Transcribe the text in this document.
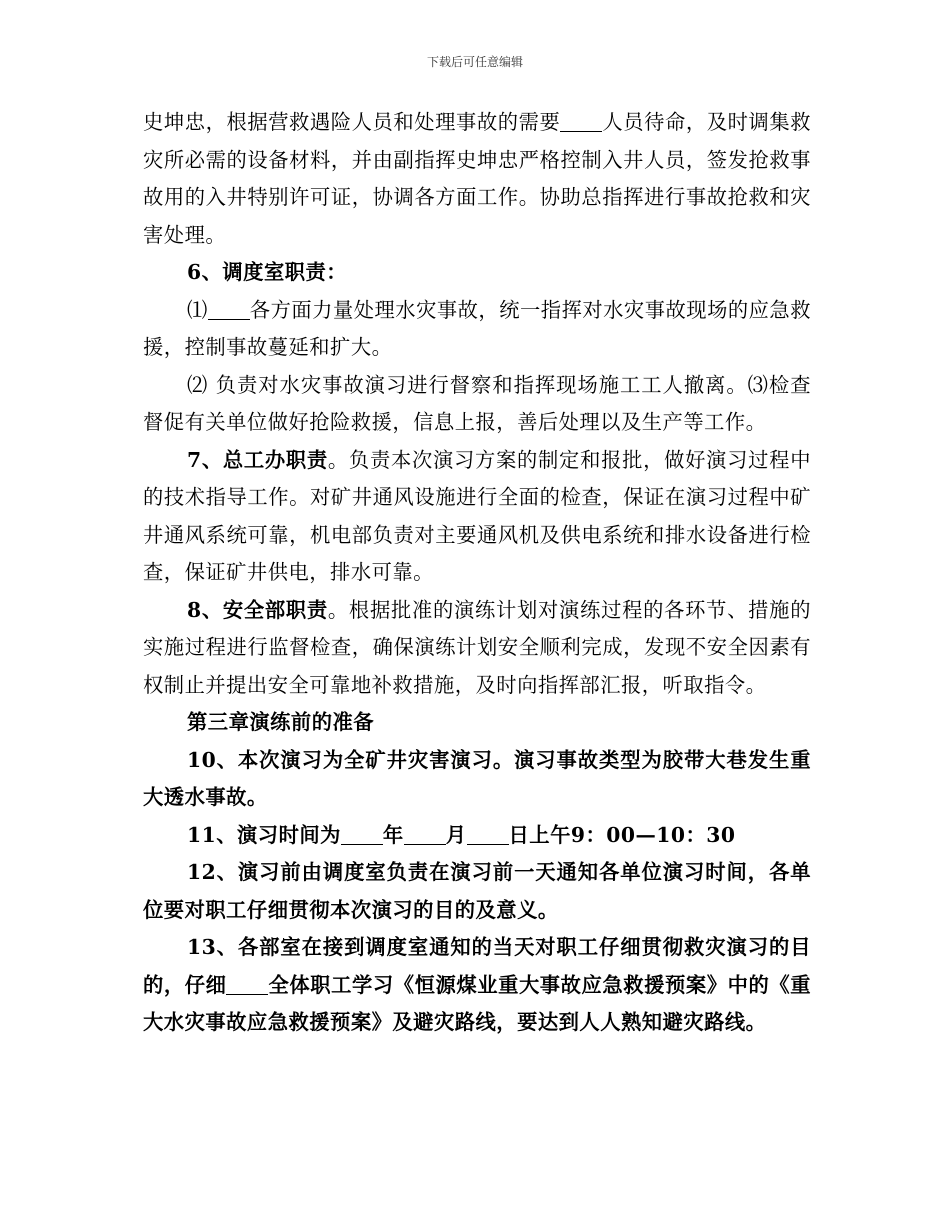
下载后可任意编辑

史坤忠，根据营救遇险人员和处理事故的需要 人员待命，及时调集救灾所必需的设备材料，并由副指挥史坤忠严格控制入井人员，签发抢救事故用的入井特别许可证，协调各方面工作。协助总指挥进行事故抢救和灾害处理。

6、调度室职责：

⑴ 各方面力量处理水灾事故，统一指挥对水灾事故现场的应急救援，控制事故蔓延和扩大。

⑵ 负责对水灾事故演习进行督察和指挥现场施工工人撤离。⑶检查督促有关单位做好抢险救援，信息上报，善后处理以及生产等工作。

7、总工办职责。负责本次演习方案的制定和报批，做好演习过程中的技术指导工作。对矿井通风设施进行全面的检查，保证在演习过程中矿井通风系统可靠，机电部负责对主要通风机及供电系统和排水设备进行检查，保证矿井供电，排水可靠。

8、安全部职责。根据批准的演练计划对演练过程的各环节、措施的实施过程进行监督检查，确保演练计划安全顺利完成，发现不安全因素有权制止并提出安全可靠地补救措施，及时向指挥部汇报，听取指令。

第三章演练前的准备

10、本次演习为全矿井灾害演习。演习事故类型为胶带大巷发生重大透水事故。

11、演习时间为 年 月 日上午9：00—10：30

12、演习前由调度室负责在演习前一天通知各单位演习时间，各单位要对职工仔细贯彻本次演习的目的及意义。

13、各部室在接到调度室通知的当天对职工仔细贯彻救灾演习的目的，仔细 全体职工学习《恒源煤业重大事故应急救援预案》中的《重大水灾事故应急救援预案》及避灾路线，要达到人人熟知避灾路线。
